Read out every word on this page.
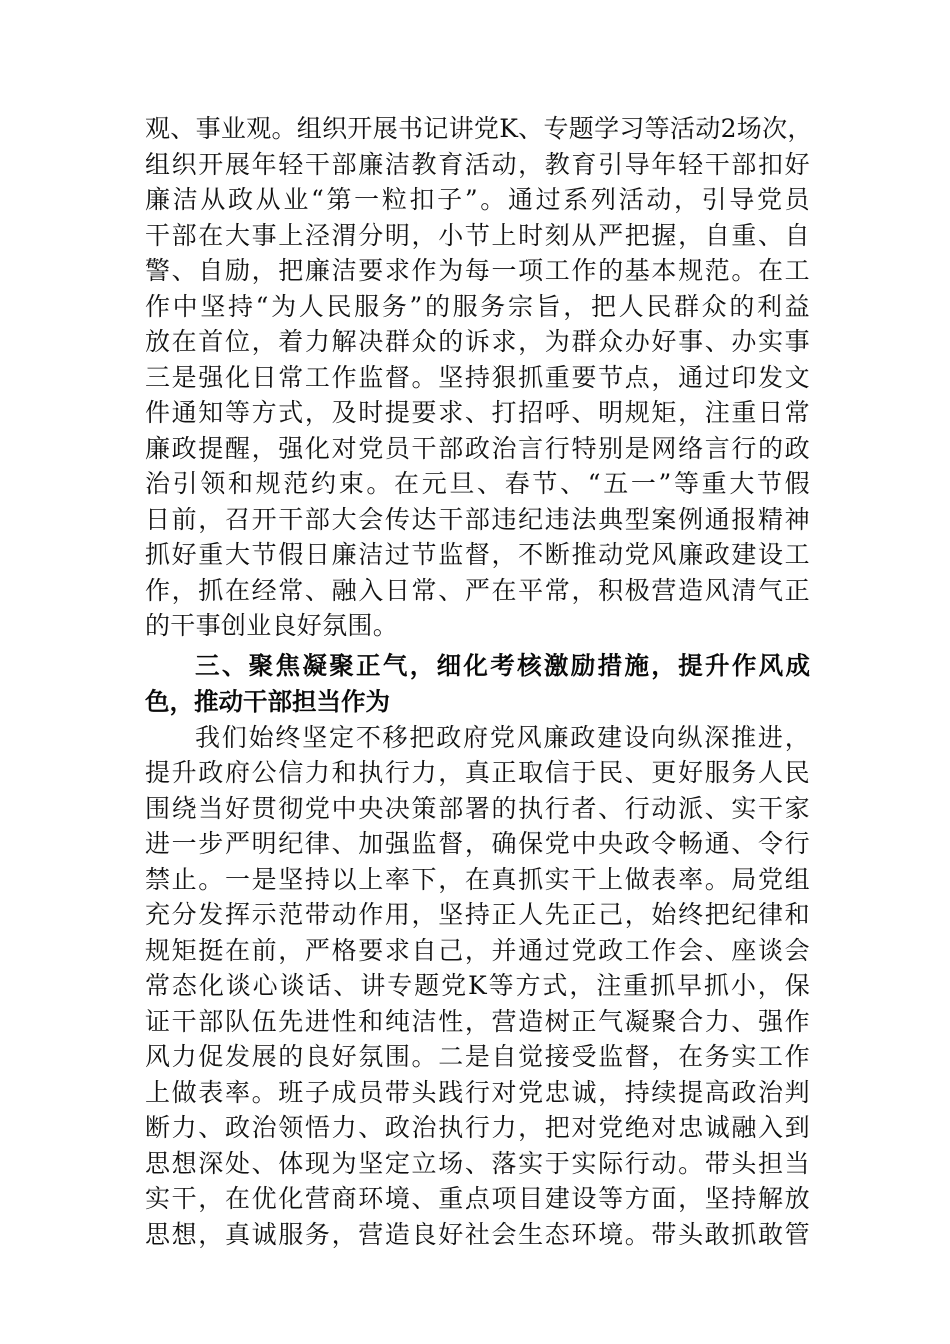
观、事业观。组织开展书记讲党K、专题学习等活动2场次，
组织开展年轻干部廉洁教育活动，教育引导年轻干部扣好
廉洁从政从业“第一粒扣子”。通过系列活动，引导党员
干部在大事上泾渭分明，小节上时刻从严把握，自重、自
警、自励，把廉洁要求作为每一项工作的基本规范。在工
作中坚持“为人民服务”的服务宗旨，把人民群众的利益
放在首位，着力解决群众的诉求，为群众办好事、办实事
三是强化日常工作监督。坚持狠抓重要节点，通过印发文
件通知等方式，及时提要求、打招呼、明规矩，注重日常
廉政提醒，强化对党员干部政治言行特别是网络言行的政
治引领和规范约束。在元旦、春节、“五一”等重大节假
日前，召开干部大会传达干部违纪违法典型案例通报精神
抓好重大节假日廉洁过节监督，不断推动党风廉政建设工
作，抓在经常、融入日常、严在平常，积极营造风清气正
的干事创业良好氛围。
三、聚焦凝聚正气，细化考核激励措施，提升作风成
色，推动干部担当作为
我们始终坚定不移把政府党风廉政建设向纵深推进，
提升政府公信力和执行力，真正取信于民、更好服务人民
围绕当好贯彻党中央决策部署的执行者、行动派、实干家
进一步严明纪律、加强监督，确保党中央政令畅通、令行
禁止。一是坚持以上率下，在真抓实干上做表率。局党组
充分发挥示范带动作用，坚持正人先正己，始终把纪律和
规矩挺在前，严格要求自己，并通过党政工作会、座谈会
常态化谈心谈话、讲专题党K等方式，注重抓早抓小，保
证干部队伍先进性和纯洁性，营造树正气凝聚合力、强作
风力促发展的良好氛围。二是自觉接受监督，在务实工作
上做表率。班子成员带头践行对党忠诚，持续提高政治判
断力、政治领悟力、政治执行力，把对党绝对忠诚融入到
思想深处、体现为坚定立场、落实于实际行动。带头担当
实干，在优化营商环境、重点项目建设等方面，坚持解放
思想，真诚服务，营造良好社会生态环境。带头敢抓敢管
